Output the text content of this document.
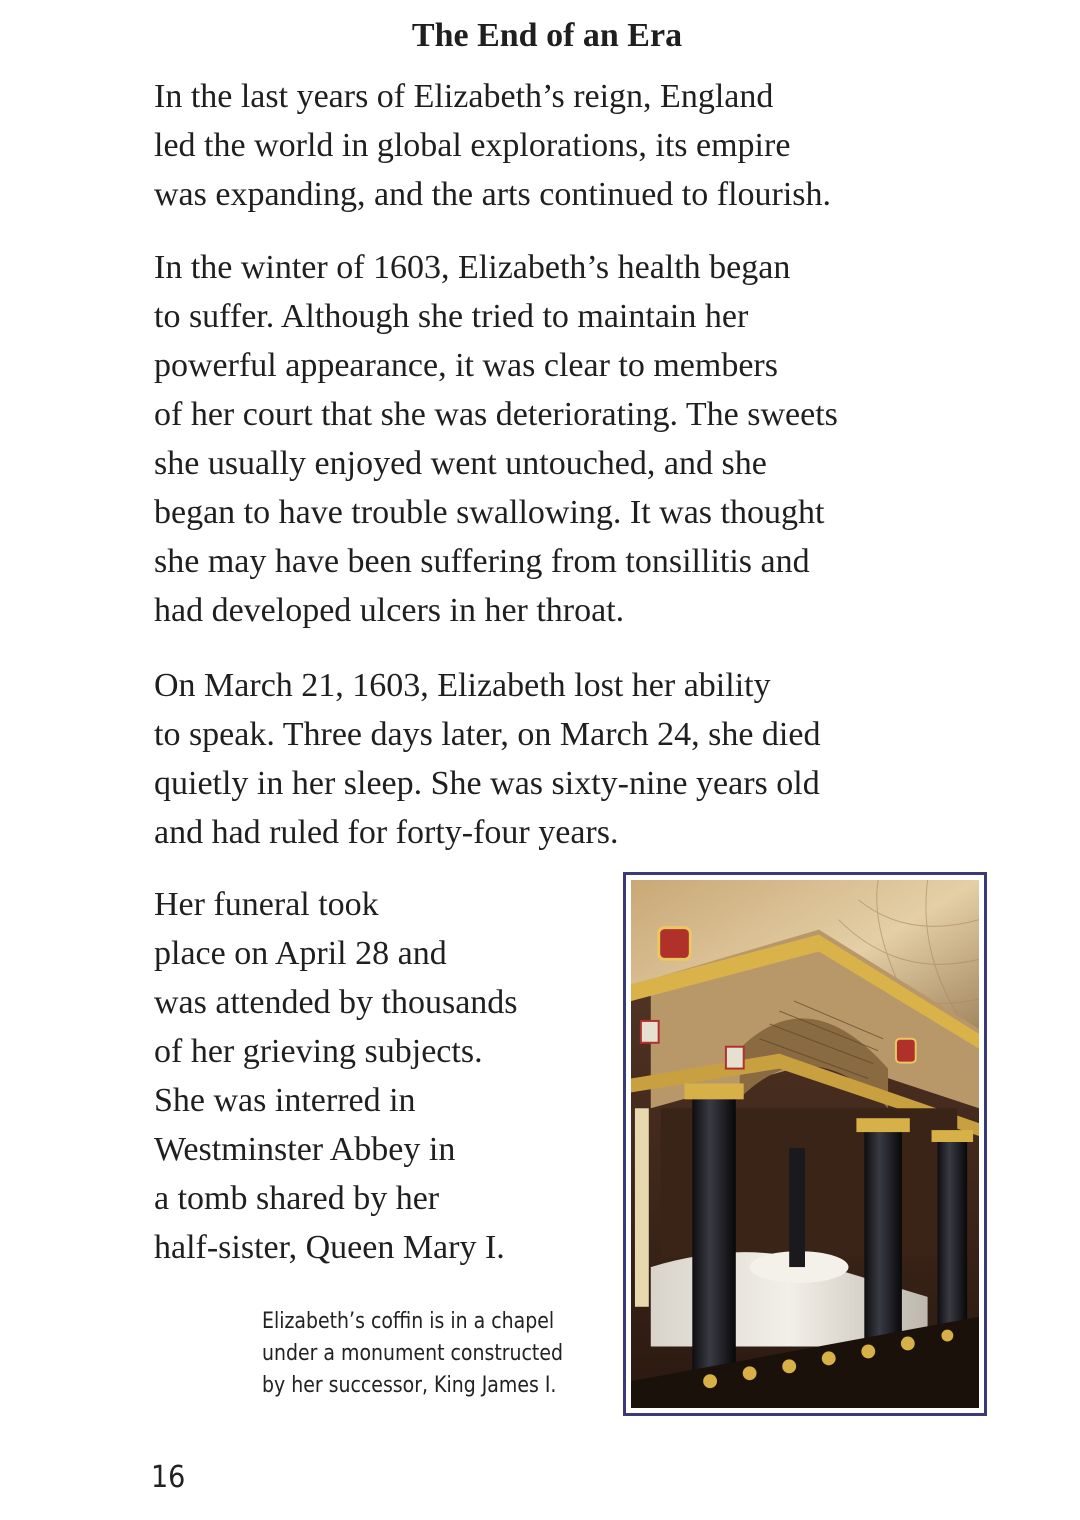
The End of an Era

In the last years of Elizabeth’s reign, England
led the world in global explorations, its empire
was expanding, and the arts continued to flourish.

In the winter of 1603, Elizabeth’s health began
to suffer. Although she tried to maintain her
powerful appearance, it was clear to members
of her court that she was deteriorating. The sweets
she usually enjoyed went untouched, and she
began to have trouble swallowing. It was thought
she may have been suffering from tonsillitis and
had developed ulcers in her throat.

On March 21, 1603, Elizabeth lost her ability
to speak. Three days later, on March 24, she died
quietly in her sleep. She was sixty-nine years old
and had ruled for forty-four years.

Her funeral took
place on April 28 and
was attended by thousands
of her grieving subjects.
She was interred in
Westminster Abbey in
a tomb shared by her
half-sister, Queen Mary I.

Elizabeth’s coffin is in a chapel
under a monument constructed
by her successor, King James I.
16
